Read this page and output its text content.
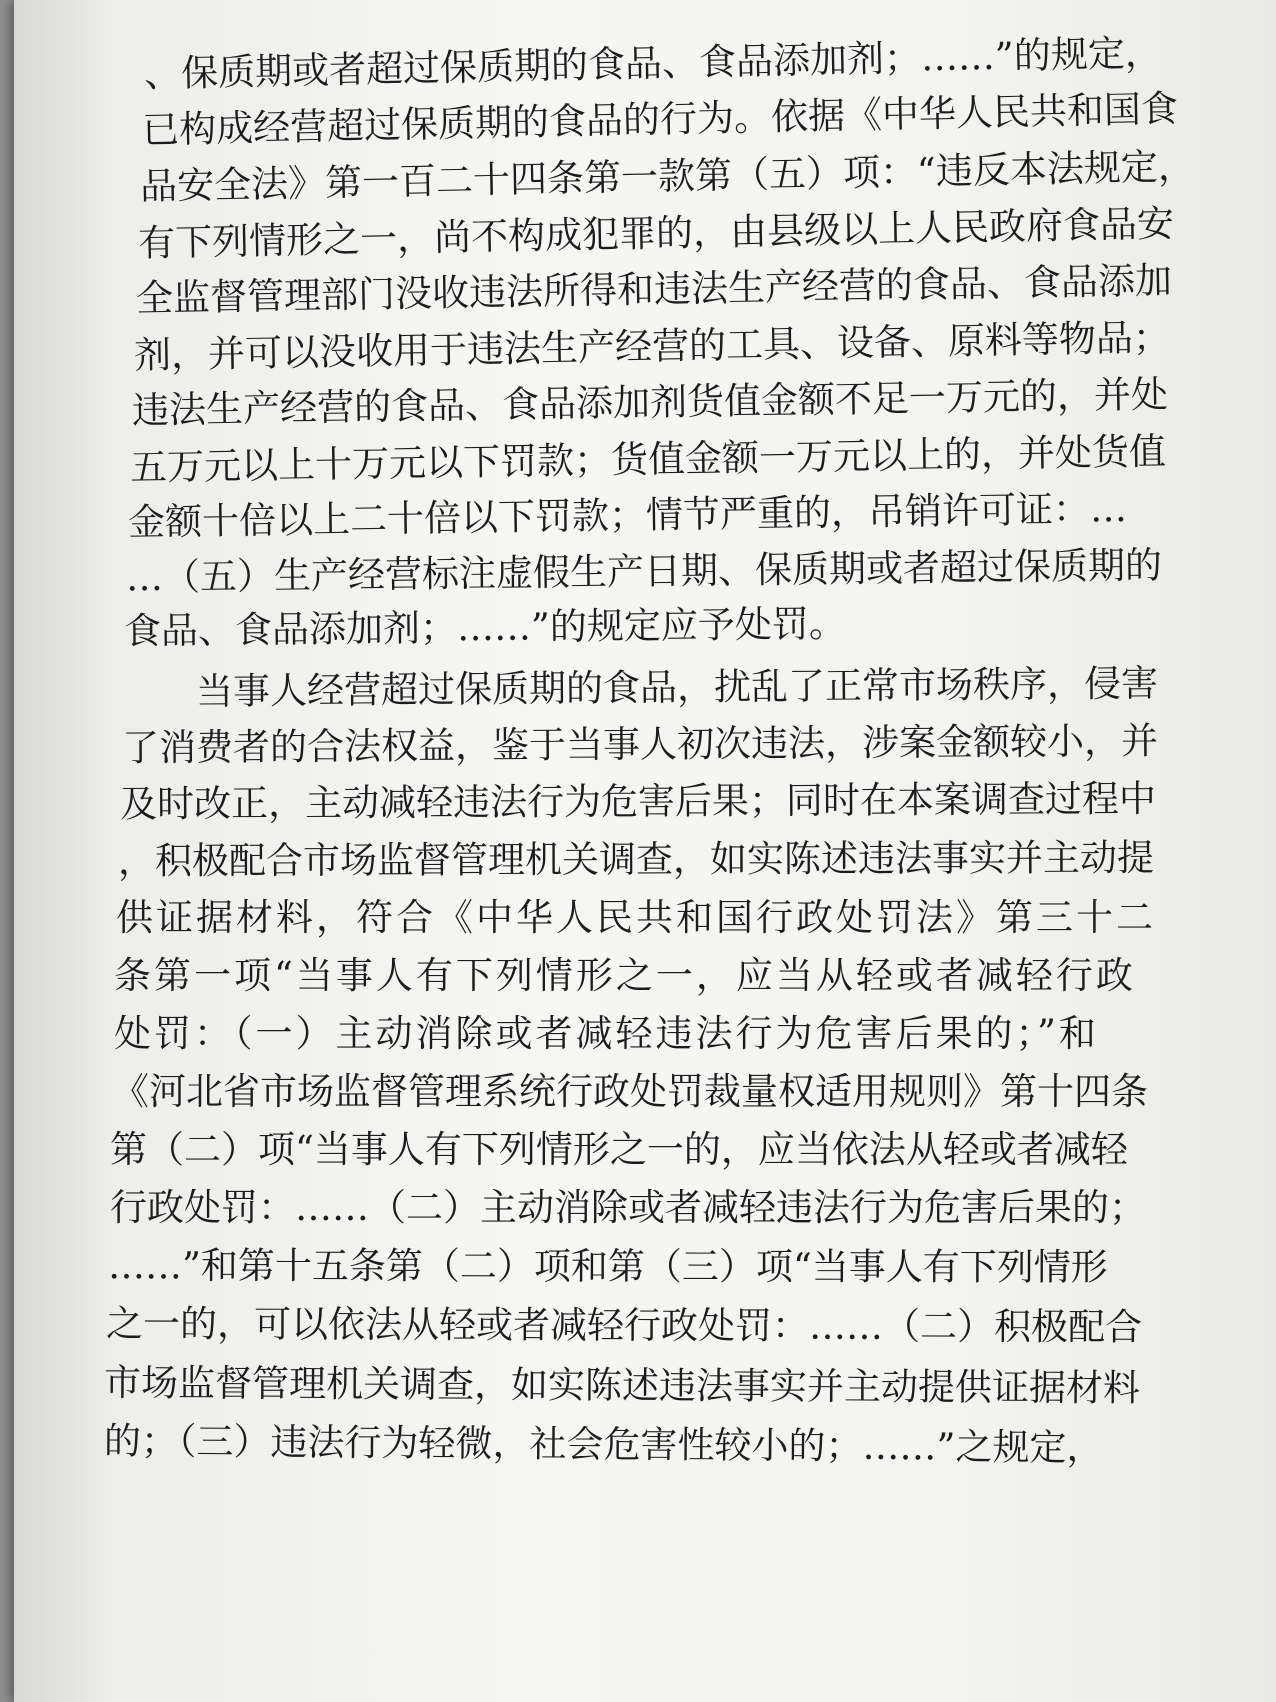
、保质期或者超过保质期的食品、食品添加剂；……”的规定，
已构成经营超过保质期的食品的行为。依据《中华人民共和国食
品安全法》第一百二十四条第一款第（五）项：“违反本法规定，
有下列情形之一，尚不构成犯罪的，由县级以上人民政府食品安
全监督管理部门没收违法所得和违法生产经营的食品、食品添加
剂，并可以没收用于违法生产经营的工具、设备、原料等物品；
违法生产经营的食品、食品添加剂货值金额不足一万元的，并处
五万元以上十万元以下罚款；货值金额一万元以上的，并处货值
金额十倍以上二十倍以下罚款；情节严重的，吊销许可证：…
…（五）生产经营标注虚假生产日期、保质期或者超过保质期的
食品、食品添加剂；……”的规定应予处罚。
当事人经营超过保质期的食品，扰乱了正常市场秩序，侵害
了消费者的合法权益，鉴于当事人初次违法，涉案金额较小，并
及时改正，主动减轻违法行为危害后果；同时在本案调查过程中
，积极配合市场监督管理机关调查，如实陈述违法事实并主动提
供证据材料，符合《中华人民共和国行政处罚法》第三十二
条第一项“当事人有下列情形之一，应当从轻或者减轻行政
处罚：（一）主动消除或者减轻违法行为危害后果的；”和
《河北省市场监督管理系统行政处罚裁量权适用规则》第十四条
第（二）项“当事人有下列情形之一的，应当依法从轻或者减轻
行政处罚：……（二）主动消除或者减轻违法行为危害后果的；
……”和第十五条第（二）项和第（三）项“当事人有下列情形
之一的，可以依法从轻或者减轻行政处罚：……（二）积极配合
市场监督管理机关调查，如实陈述违法事实并主动提供证据材料
的；（三）违法行为轻微，社会危害性较小的；……”之规定，
